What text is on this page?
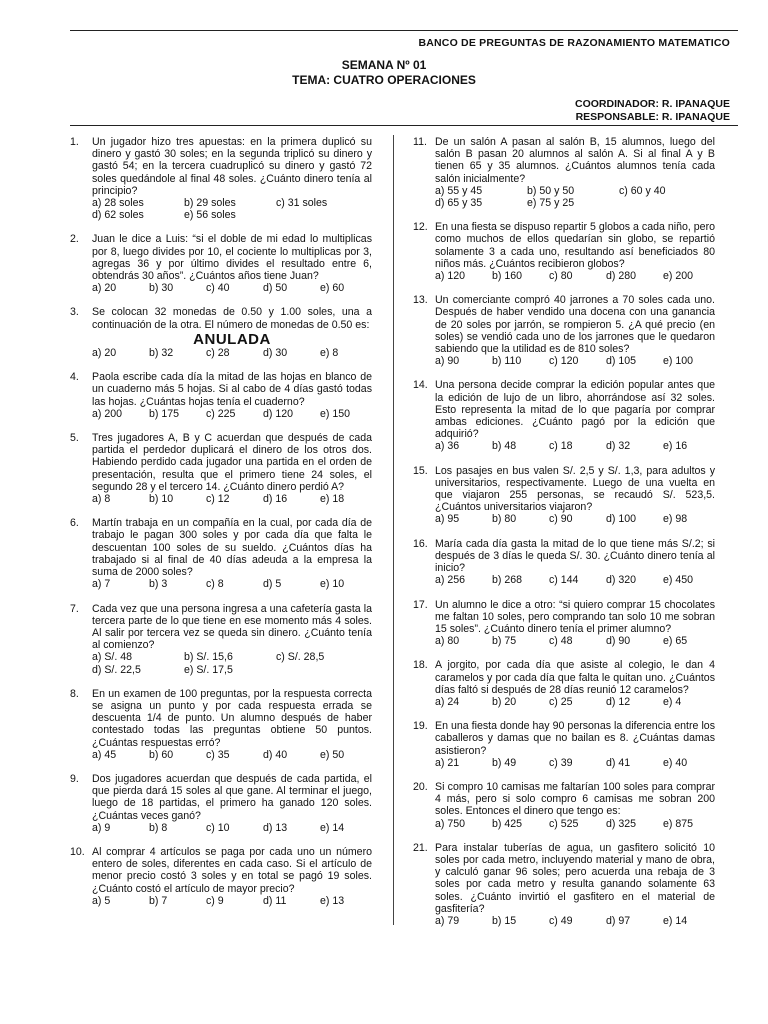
BANCO DE PREGUNTAS DE RAZONAMIENTO MATEMATICO
SEMANA Nº 01
TEMA: CUATRO OPERACIONES
COORDINADOR: R. IPANAQUE
RESPONSABLE: R. IPANAQUE
1.	Un jugador hizo tres apuestas: en la primera duplicó su dinero y gastó 30 soles; en la segunda triplicó su dinero y gastó 54; en la tercera cuadruplicó su dinero y gastó 72 soles quedándole al final 48 soles. ¿Cuánto dinero tenía al principio?
a) 28 soles	b) 29 soles	c) 31 soles
d) 62 soles	e) 56 soles
2.	Juan le dice a Luis: “si el doble de mi edad lo multiplicas por 8, luego divides por 10, el cociente lo multiplicas por 3, agregas 36 y por último divides el resultado entre 6, obtendrás 30 años”. ¿Cuántos años tiene Juan?
a) 20	b) 30	c) 40	d) 50	e) 60
3.	Se colocan 32 monedas de 0.50 y 1.00 soles, una a continuación de la otra. El número de monedas de 0.50 es:
ANULADA
a) 20	b) 32	c) 28	d) 30	e) 8
4.	Paola escribe cada día la mitad de las hojas en blanco de un cuaderno más 5 hojas. Si al cabo de 4 días gastó todas las hojas. ¿Cuántas hojas tenía el cuaderno?
a) 200	b) 175	c) 225	d) 120	e) 150
5.	Tres jugadores A, B y C acuerdan que después de cada partida el perdedor duplicará el dinero de los otros dos. Habiendo perdido cada jugador una partida en el orden de presentación, resulta que el primero tiene 24 soles, el segundo 28 y el tercero 14. ¿Cuánto dinero perdió A?
a) 8	b) 10	c) 12	d) 16	e) 18
6.	Martín trabaja en un compañía en la cual, por cada día de trabajo le pagan 300 soles y por cada día que falta le descuentan 100 soles de su sueldo. ¿Cuántos días ha trabajado si al final de 40 días adeuda a la empresa la suma de 2000 soles?
a) 7	b) 3	c) 8	d) 5	e) 10
7.	Cada vez que una persona ingresa a una cafetería gasta la tercera parte de lo que tiene en ese momento más 4 soles. Al salir por tercera vez se queda sin dinero. ¿Cuánto tenía al comienzo?
a) S/. 48	b) S/. 15,6	c) S/. 28,5
d) S/. 22,5	e) S/. 17,5
8.	En un examen de 100 preguntas, por la respuesta correcta se asigna un punto y por cada respuesta errada se descuenta 1/4 de punto. Un alumno después de haber contestado todas las preguntas obtiene 50 puntos. ¿Cuántas respuestas erró?
a) 45	b) 60	c) 35	d) 40	e) 50
9.	Dos jugadores acuerdan que después de cada partida, el que pierda dará 15 soles al que gane. Al terminar el juego, luego de 18 partidas, el primero ha ganado 120 soles. ¿Cuántas veces ganó?
a) 9	b) 8	c) 10	d) 13	e) 14
10. Al comprar 4 artículos se paga por cada uno un número entero de soles, diferentes en cada caso. Si el artículo de menor precio costó 3 soles y en total se pagó 19 soles. ¿Cuánto costó el artículo de mayor precio?
a) 5	b) 7	c) 9	d) 11	e) 13
11. De un salón A pasan al salón B, 15 alumnos, luego del salón B pasan 20 alumnos al salón A. Si al final A y B tienen 65 y 35 alumnos. ¿Cuántos alumnos tenía cada salón inicialmente?
a) 55 y 45	b) 50 y 50	c) 60 y 40
d) 65 y 35	e) 75 y 25
12. En una fiesta se dispuso repartir 5 globos a cada niño, pero como muchos de ellos quedarían sin globo, se repartió solamente 3 a cada uno, resultando así beneficiados 80 niños más. ¿Cuántos recibieron globos?
a) 120	b) 160	c) 80	d) 280	e) 200
13. Un comerciante compró 40 jarrones a 70 soles cada uno. Después de haber vendido una docena con una ganancia de 20 soles por jarrón, se rompieron 5. ¿A qué precio (en soles) se vendió cada uno de los jarrones que le quedaron sabiendo que la utilidad es de 810 soles?
a) 90	b) 110	c) 120	d) 105	e) 100
14. Una persona decide comprar la edición popular antes que la edición de lujo de un libro, ahorrándose así 32 soles. Esto representa la mitad de lo que pagaría por comprar ambas ediciones. ¿Cuánto pagó por la edición que adquirió?
a) 36	b) 48	c) 18	d) 32	e) 16
15. Los pasajes en bus valen S/. 2,5 y S/. 1,3, para adultos y universitarios, respectivamente. Luego de una vuelta en que viajaron 255 personas, se recaudó S/. 523,5. ¿Cuántos universitarios viajaron?
a) 95	b) 80	c) 90	d) 100	e) 98
16. María cada día gasta la mitad de lo que tiene más S/.2; si después de 3 días le queda S/. 30. ¿Cuánto dinero tenía al inicio?
a) 256	b) 268	c) 144	d) 320	e) 450
17. Un alumno le dice a otro: “si quiero comprar 15 chocolates me faltan 10 soles, pero comprando tan solo 10 me sobran 15 soles”. ¿Cuánto dinero tenía el primer alumno?
a) 80	b) 75	c) 48	d) 90	e) 65
18. A jorgito, por cada día que asiste al colegio, le dan 4 caramelos y por cada día que falta le quitan uno. ¿Cuántos días faltó si después de 28 días reunió 12 caramelos?
a) 24	b) 20	c) 25	d) 12	e) 4
19. En una fiesta donde hay 90 personas la diferencia entre los caballeros y damas que no bailan es 8. ¿Cuántas damas asistieron?
a) 21	b) 49	c) 39	d) 41	e) 40
20. Si compro 10 camisas me faltarían 100 soles para comprar 4 más, pero si solo compro 6 camisas me sobran 200 soles. Entonces el dinero que tengo es:
a) 750	b) 425	c) 525	d) 325	e) 875
21. Para instalar tuberías de agua, un gasfitero solicitó 10 soles por cada metro, incluyendo material y mano de obra, y calculó ganar 96 soles; pero acuerda una rebaja de 3 soles por cada metro y resulta ganando solamente 63 soles. ¿Cuánto invirtió el gasfitero en el material de gasfitería?
a) 79	b) 15	c) 49	d) 97	e) 14
